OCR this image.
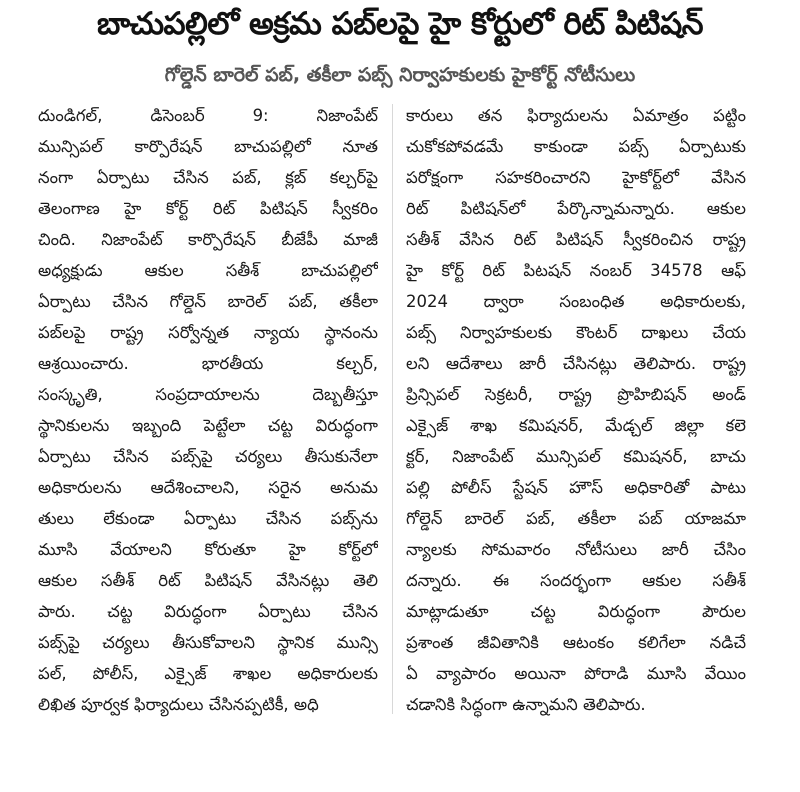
బాచుపల్లిలో అక్రమ పబ్‌లపై హై కోర్టులో రిట్ పిటిషన్
గోల్డెన్ బారెల్ పబ్, తకీలా పబ్స్ నిర్వాహకులకు హైకోర్ట్ నోటీసులు
దుండిగల్, డిసెంబర్ 9: నిజాంపేట్
మున్సిపల్ కార్పొరేషన్ బాచుపల్లిలో నూత
నంగా ఏర్పాటు చేసిన పబ్, క్లబ్ కల్చర్‌పై
తెలంగాణ హై కోర్ట్ రిట్ పిటిషన్ స్వీకరిం
చింది. నిజాంపేట్ కార్పొరేషన్ బీజేపీ మాజీ
అధ్యక్షుడు ఆకుల సతీశ్ బాచుపల్లిలో
ఏర్పాటు చేసిన గోల్డెన్ బారెల్ పబ్, తకీలా
పబ్‌లపై రాష్ట్ర సర్వోన్నత న్యాయ స్థానంను
ఆశ్రయించారు. భారతీయ కల్చర్,
సంస్కృతి, సంప్రదాయాలను దెబ్బతీస్తూ
స్థానికులను ఇబ్బంది పెట్టేలా చట్ట విరుద్ధంగా
ఏర్పాటు చేసిన పబ్స్‌పై చర్యలు తీసుకునేలా
అధికారులను ఆదేశించాలని, సరైన అనుమ
తులు లేకుండా ఏర్పాటు చేసిన పబ్స్‌ను
మూసి వేయాలని కోరుతూ హై కోర్ట్‌లో
ఆకుల సతీశ్ రిట్ పిటిషన్ వేసినట్లు తెలి
పారు. చట్ట విరుద్ధంగా ఏర్పాటు చేసిన
పబ్స్‌పై చర్యలు తీసుకోవాలని స్థానిక మున్సి
పల్, పోలీస్, ఎక్సైజ్ శాఖల అధికారులకు
లిఖిత పూర్వక ఫిర్యాదులు చేసినప్పటికీ, అధి
కారులు తన ఫిర్యాదులను ఏమాత్రం పట్టిం
చుకోకపోవడమే కాకుండా పబ్స్ ఏర్పాటుకు
పరోక్షంగా సహకరించారని హైకోర్ట్‌లో వేసిన
రిట్ పిటిషన్‌లో పేర్కొన్నామన్నారు. ఆకుల
సతీశ్ వేసిన రిట్ పిటిషన్ స్వీకరించిన రాష్ట్ర
హై కోర్ట్ రిట్ పిటషన్ నంబర్ 34578 ఆఫ్
2024 ద్వారా సంబంధిత అధికారులకు,
పబ్స్ నిర్వాహకులకు కౌంటర్ దాఖలు చేయ
లని ఆదేశాలు జారీ చేసినట్లు తెలిపారు. రాష్ట్ర
ప్రిన్సిపల్ సెక్రటరీ, రాష్ట్ర ప్రొహిబిషన్ అండ్
ఎక్సైజ్ శాఖ కమిషనర్, మేడ్చల్ జిల్లా కలె
క్టర్, నిజాంపేట్ మున్సిపల్ కమిషనర్, బాచు
పల్లి పోలీస్ స్టేషన్ హౌస్ అధికారితో పాటు
గోల్డెన్ బారెల్ పబ్, తకీలా పబ్ యాజమా
న్యాలకు సోమవారం నోటీసులు జారీ చేసిం
దన్నారు. ఈ సందర్భంగా ఆకుల సతీశ్
మాట్లాడుతూ చట్ట విరుద్ధంగా పౌరుల
ప్రశాంత జీవితానికి ఆటంకం కలిగేలా నడిచే
ఏ వ్యాపారం అయినా పోరాడి మూసి వేయిం
చడానికి సిద్ధంగా ఉన్నామని తెలిపారు.
